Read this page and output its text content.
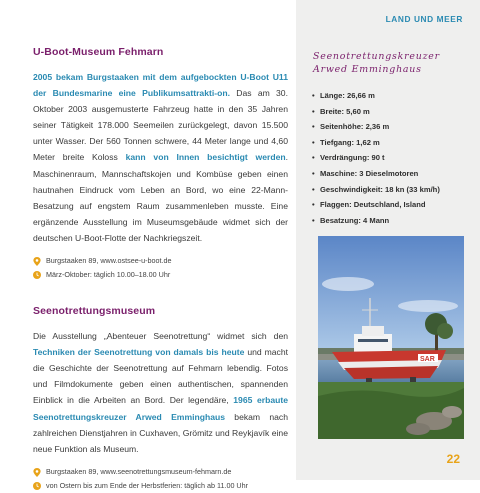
U-Boot-Museum Fehmarn

2005 bekam Burgstaaken mit dem aufgebockten U-Boot U11 der Bundesmarine eine Publikumsattrakti-on. Das am 30. Oktober 2003 ausgemusterte Fahrzeug hatte in den 35 Jahren seiner Tätigkeit 178.000 Seemeilen zurückgelegt, davon 15.500 unter Wasser. Der 560 Tonnen schwere, 44 Meter lange und 4,60 Meter breite Koloss kann von Innen besichtigt werden. Maschinenraum, Mannschaftskojen und Kombüse geben einen hautnahen Eindruck vom Leben an Bord, wo eine 22-Mann-Besatzung auf engstem Raum zusammenleben musste. Eine ergänzende Ausstellung im Museumsgebäude widmet sich der deutschen U-Boot-Flotte der Nachkriegszeit.

Burgstaaken 89, www.ostsee-u-boot.de
März-Oktober: täglich 10.00–18.00 Uhr
Seenotrettungsmuseum

Die Ausstellung „Abenteuer Seenotrettung“ widmet sich den Techniken der Seenotrettung von damals bis heute und macht die Geschichte der Seenotrettung auf Fehmarn lebendig. Fotos und Filmdokumente geben einen authentischen, spannenden Einblick in die Arbeiten an Bord. Der legendäre, 1965 erbaute Seenotrettungskreuzer Arwed Emminghaus bekam nach zahlreichen Dienstjahren in Cuxhaven, Grömitz und Reykjavík eine neue Funktion als Museum.

Burgstaaken 89, www.seenotrettungsmuseum-fehmarn.de
von Ostern bis zum Ende der Herbstferien: täglich ab 11.00 Uhr
LAND UND MEER
Seenotrettungskreuzer
Arwed Emminghaus
• Länge: 26,66 m
• Breite: 5,60 m
• Seitenhöhe: 2,36 m
• Tiefgang: 1,62 m
• Verdrängung: 90 t
• Maschine: 3 Dieselmotoren
• Geschwindigkeit: 18 kn (33 km/h)
• Flaggen: Deutschland, Island
• Besatzung: 4 Mann
22
SAR
